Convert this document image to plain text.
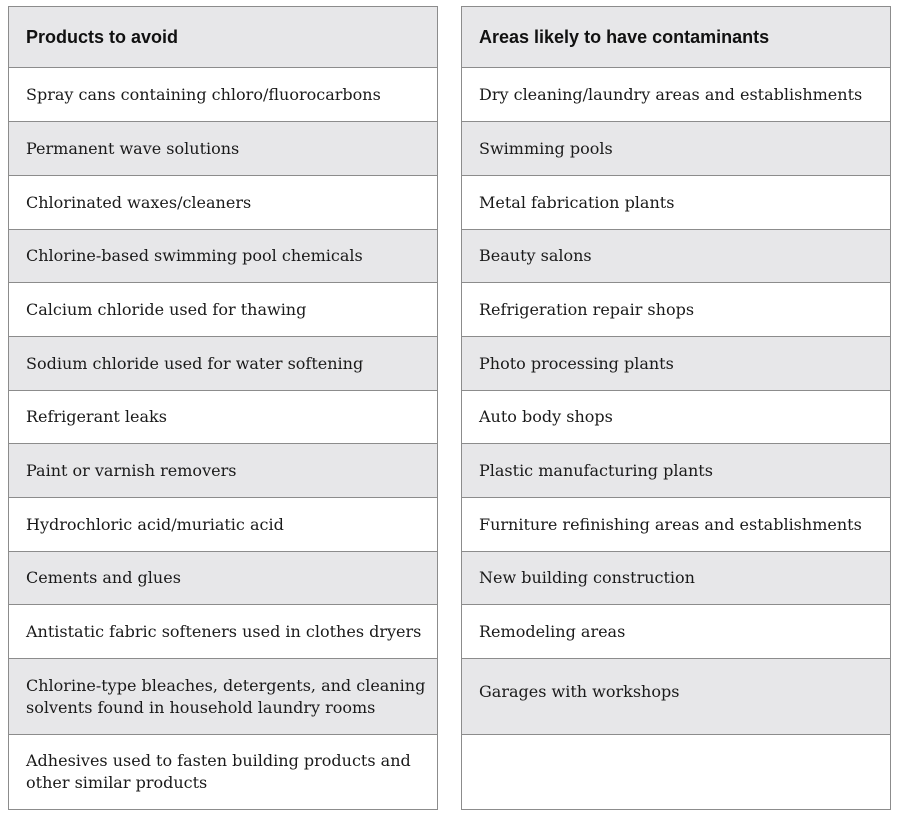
Products to avoid
Spray cans containing chloro/fluorocarbons
Permanent wave solutions
Chlorinated waxes/cleaners
Chlorine-based swimming pool chemicals
Calcium chloride used for thawing
Sodium chloride used for water softening
Refrigerant leaks
Paint or varnish removers
Hydrochloric acid/muriatic acid
Cements and glues
Antistatic fabric softeners used in clothes dryers
Chlorine-type bleaches, detergents, and cleaning solvents found in household laundry rooms
Adhesives used to fasten building products and other similar products
Areas likely to have contaminants
Dry cleaning/laundry areas and establishments
Swimming pools
Metal fabrication plants
Beauty salons
Refrigeration repair shops
Photo processing plants
Auto body shops
Plastic manufacturing plants
Furniture refinishing areas and establishments
New building construction
Remodeling areas
Garages with workshops
